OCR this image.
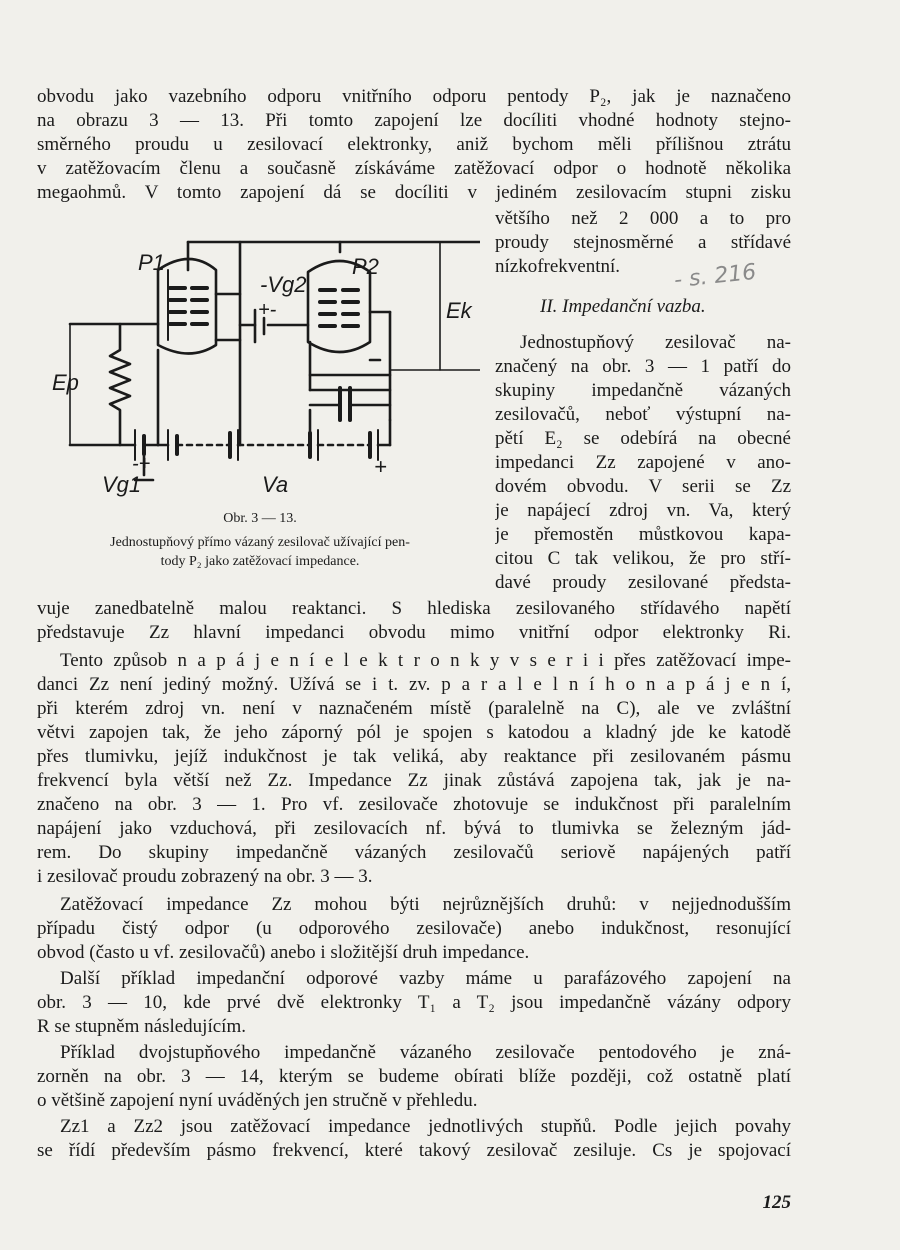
obvodu jako vazebního odporu vnitřního odporu pentody P₂, jak je naznačeno
na obrazu 3 — 13. Při tomto zapojení lze docíliti vhodné hodnoty stejno-
směrného proudu u zesilovací elektronky, aniž bychom měli přílišnou ztrátu
v zatěžovacím členu a současně získáváme zatěžovací odpor o hodnotě několika
megaohmů. V tomto zapojení dá se docíliti v jediném zesilovacím stupni zisku
většího než 2 000 a to pro
proudy stejnosměrné a střídavé
nízkofrekventní.	- s. 216
II. Impedanční vazba.
Jednostupňový zesilovač na-
značený na obr. 3 — 1 patří do
skupiny impedančně vázaných
zesilovačů, neboť výstupní na-
pětí E₂ se odebírá na obecné
impedanci Zz zapojené v ano-
dovém obvodu. V serii se Zz
je napájecí zdroj vn. Va, který
je přemostěn můstkovou kapa-
citou C tak velikou, že pro stří-
davé proudy zesilované předsta-
P1	P2
-Vg2
Ek
Ep
Vg1	Va
+-
-+	+
Obr. 3 — 13.
Jednostupňový přímo vázaný zesilovač užívající pen-
tody P₂ jako zatěžovací impedance.
vuje zanedbatelně malou reaktanci. S hlediska zesilovaného střídavého napětí
představuje Zz hlavní impedanci obvodu mimo vnitřní odpor elektronky Ri.
Tento způsob n a p á j e n í e l e k t r o n k y v s e r i i přes zatěžovací impe-
danci Zz není jediný možný. Užívá se i t. zv. p a r a l e l n í h o n a p á j e n í,
při kterém zdroj vn. není v naznačeném místě (paralelně na C), ale ve zvláštní
větvi zapojen tak, že jeho záporný pól je spojen s katodou a kladný jde ke katodě
přes tlumivku, jejíž indukčnost je tak veliká, aby reaktance při zesilovaném pásmu
frekvencí byla větší než Zz. Impedance Zz jinak zůstává zapojena tak, jak je na-
značeno na obr. 3 — 1. Pro vf. zesilovače zhotovuje se indukčnost při paralelním
napájení jako vzduchová, při zesilovacích nf. bývá to tlumivka se železným jád-
rem. Do skupiny impedančně vázaných zesilovačů seriově napájených patří
i zesilovač proudu zobrazený na obr. 3 — 3.
Zatěžovací impedance Zz mohou býti nejrůznějších druhů: v nejjednodušším
případu čistý odpor (u odporového zesilovače) anebo indukčnost, resonující
obvod (často u vf. zesilovačů) anebo i složitější druh impedance.
Další příklad impedanční odporové vazby máme u parafázového zapojení na
obr. 3 — 10, kde prvé dvě elektronky T₁ a T₂ jsou impedančně vázány odpory
R se stupněm následujícím.
Příklad dvojstupňového impedančně vázaného zesilovače pentodového je zná-
zorněn na obr. 3 — 14, kterým se budeme obírati blíže později, což ostatně platí
o většině zapojení nyní uváděných jen stručně v přehledu.
Zz1 a Zz2 jsou zatěžovací impedance jednotlivých stupňů. Podle jejich povahy
se řídí především pásmo frekvencí, které takový zesilovač zesiluje. Cs je spojovací
125
